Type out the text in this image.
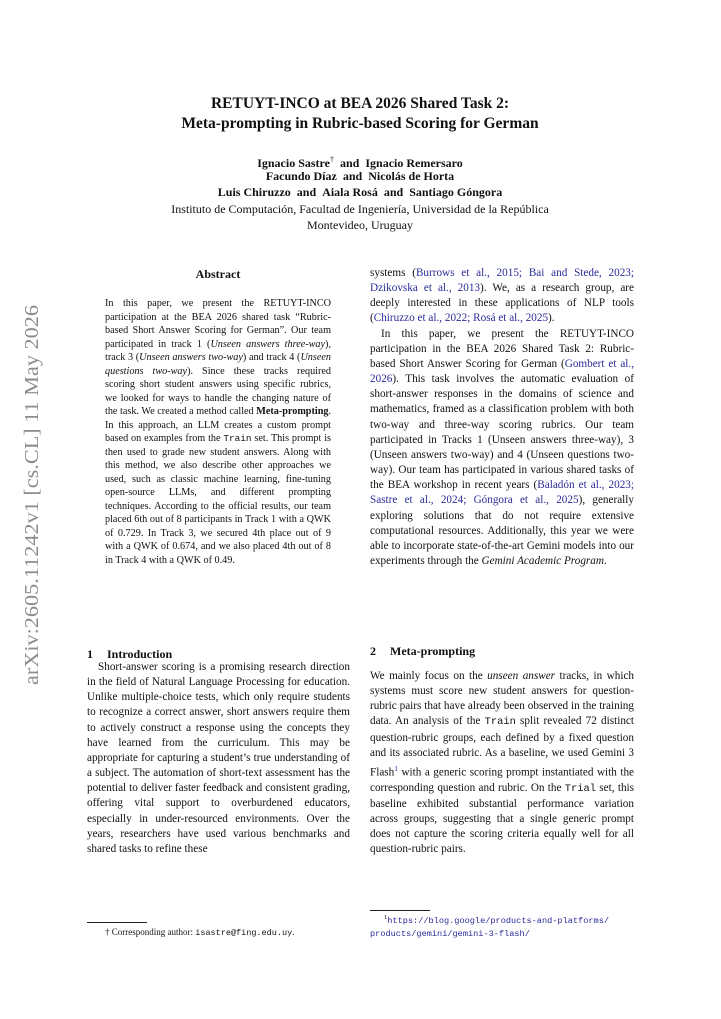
arXiv:2605.11242v1 [cs.CL] 11 May 2026
RETUYT-INCO at BEA 2026 Shared Task 2:
Meta-prompting in Rubric-based Scoring for German
Ignacio Sastre† and Ignacio Remersaro
Facundo Díaz and Nicolás de Horta
Luis Chiruzzo and Aiala Rosá and Santiago Góngora
Instituto de Computación, Facultad de Ingeniería, Universidad de la República
Montevideo, Uruguay
Abstract
In this paper, we present the RETUYT-INCO participation at the BEA 2026 shared task “Rubric-based Short Answer Scoring for German”. Our team participated in track 1 (Unseen answers three-way), track 3 (Unseen answers two-way) and track 4 (Unseen questions two-way). Since these tracks required scoring short student answers using specific rubrics, we looked for ways to handle the changing nature of the task. We created a method called Meta-prompting. In this approach, an LLM creates a custom prompt based on examples from the Train set. This prompt is then used to grade new student answers. Along with this method, we also describe other approaches we used, such as classic machine learning, fine-tuning open-source LLMs, and different prompting techniques. According to the official results, our team placed 6th out of 8 participants in Track 1 with a QWK of 0.729. In Track 3, we secured 4th place out of 9 with a QWK of 0.674, and we also placed 4th out of 8 in Track 4 with a QWK of 0.49.
1 Introduction

Short-answer scoring is a promising research direction in the field of Natural Language Processing for education. Unlike multiple-choice tests, which only require students to recognize a correct answer, short answers require them to actively construct a response using the concepts they have learned from the curriculum. This may be appropriate for capturing a student’s true understanding of a subject. The automation of short-text assessment has the potential to deliver faster feedback and consistent grading, offering vital support to overburdened educators, especially in under-resourced environments. Over the years, researchers have used various benchmarks and shared tasks to refine these

† Corresponding author: isastre@fing.edu.uy.

systems (Burrows et al., 2015; Bai and Stede, 2023; Dzikovska et al., 2013). We, as a research group, are deeply interested in these applications of NLP tools (Chiruzzo et al., 2022; Rosá et al., 2025).

In this paper, we present the RETUYT-INCO participation in the BEA 2026 Shared Task 2: Rubric-based Short Answer Scoring for German (Gombert et al., 2026). This task involves the automatic evaluation of short-answer responses in the domains of science and mathematics, framed as a classification problem with both two-way and three-way scoring rubrics. Our team participated in Tracks 1 (Unseen answers three-way), 3 (Unseen answers two-way) and 4 (Unseen questions two-way). Our team has participated in various shared tasks of the BEA workshop in recent years (Baladón et al., 2023; Sastre et al., 2024; Góngora et al., 2025), generally exploring solutions that do not require extensive computational resources. Additionally, this year we were able to incorporate state-of-the-art Gemini models into our experiments through the Gemini Academic Program.

2 Meta-prompting

We mainly focus on the unseen answer tracks, in which systems must score new student answers for question-rubric pairs that have already been observed in the training data. An analysis of the Train split revealed 72 distinct question-rubric groups, each defined by a fixed question and its associated rubric. As a baseline, we used Gemini 3 Flash$^1$ with a generic scoring prompt instantiated with the corresponding question and rubric. On the Trial set, this baseline exhibited substantial performance variation across groups, suggesting that a single generic prompt does not capture the scoring criteria equally well for all question-rubric pairs.

$^1$https://blog.google/products-and-platforms/
products/gemini/gemini-3-flash/
